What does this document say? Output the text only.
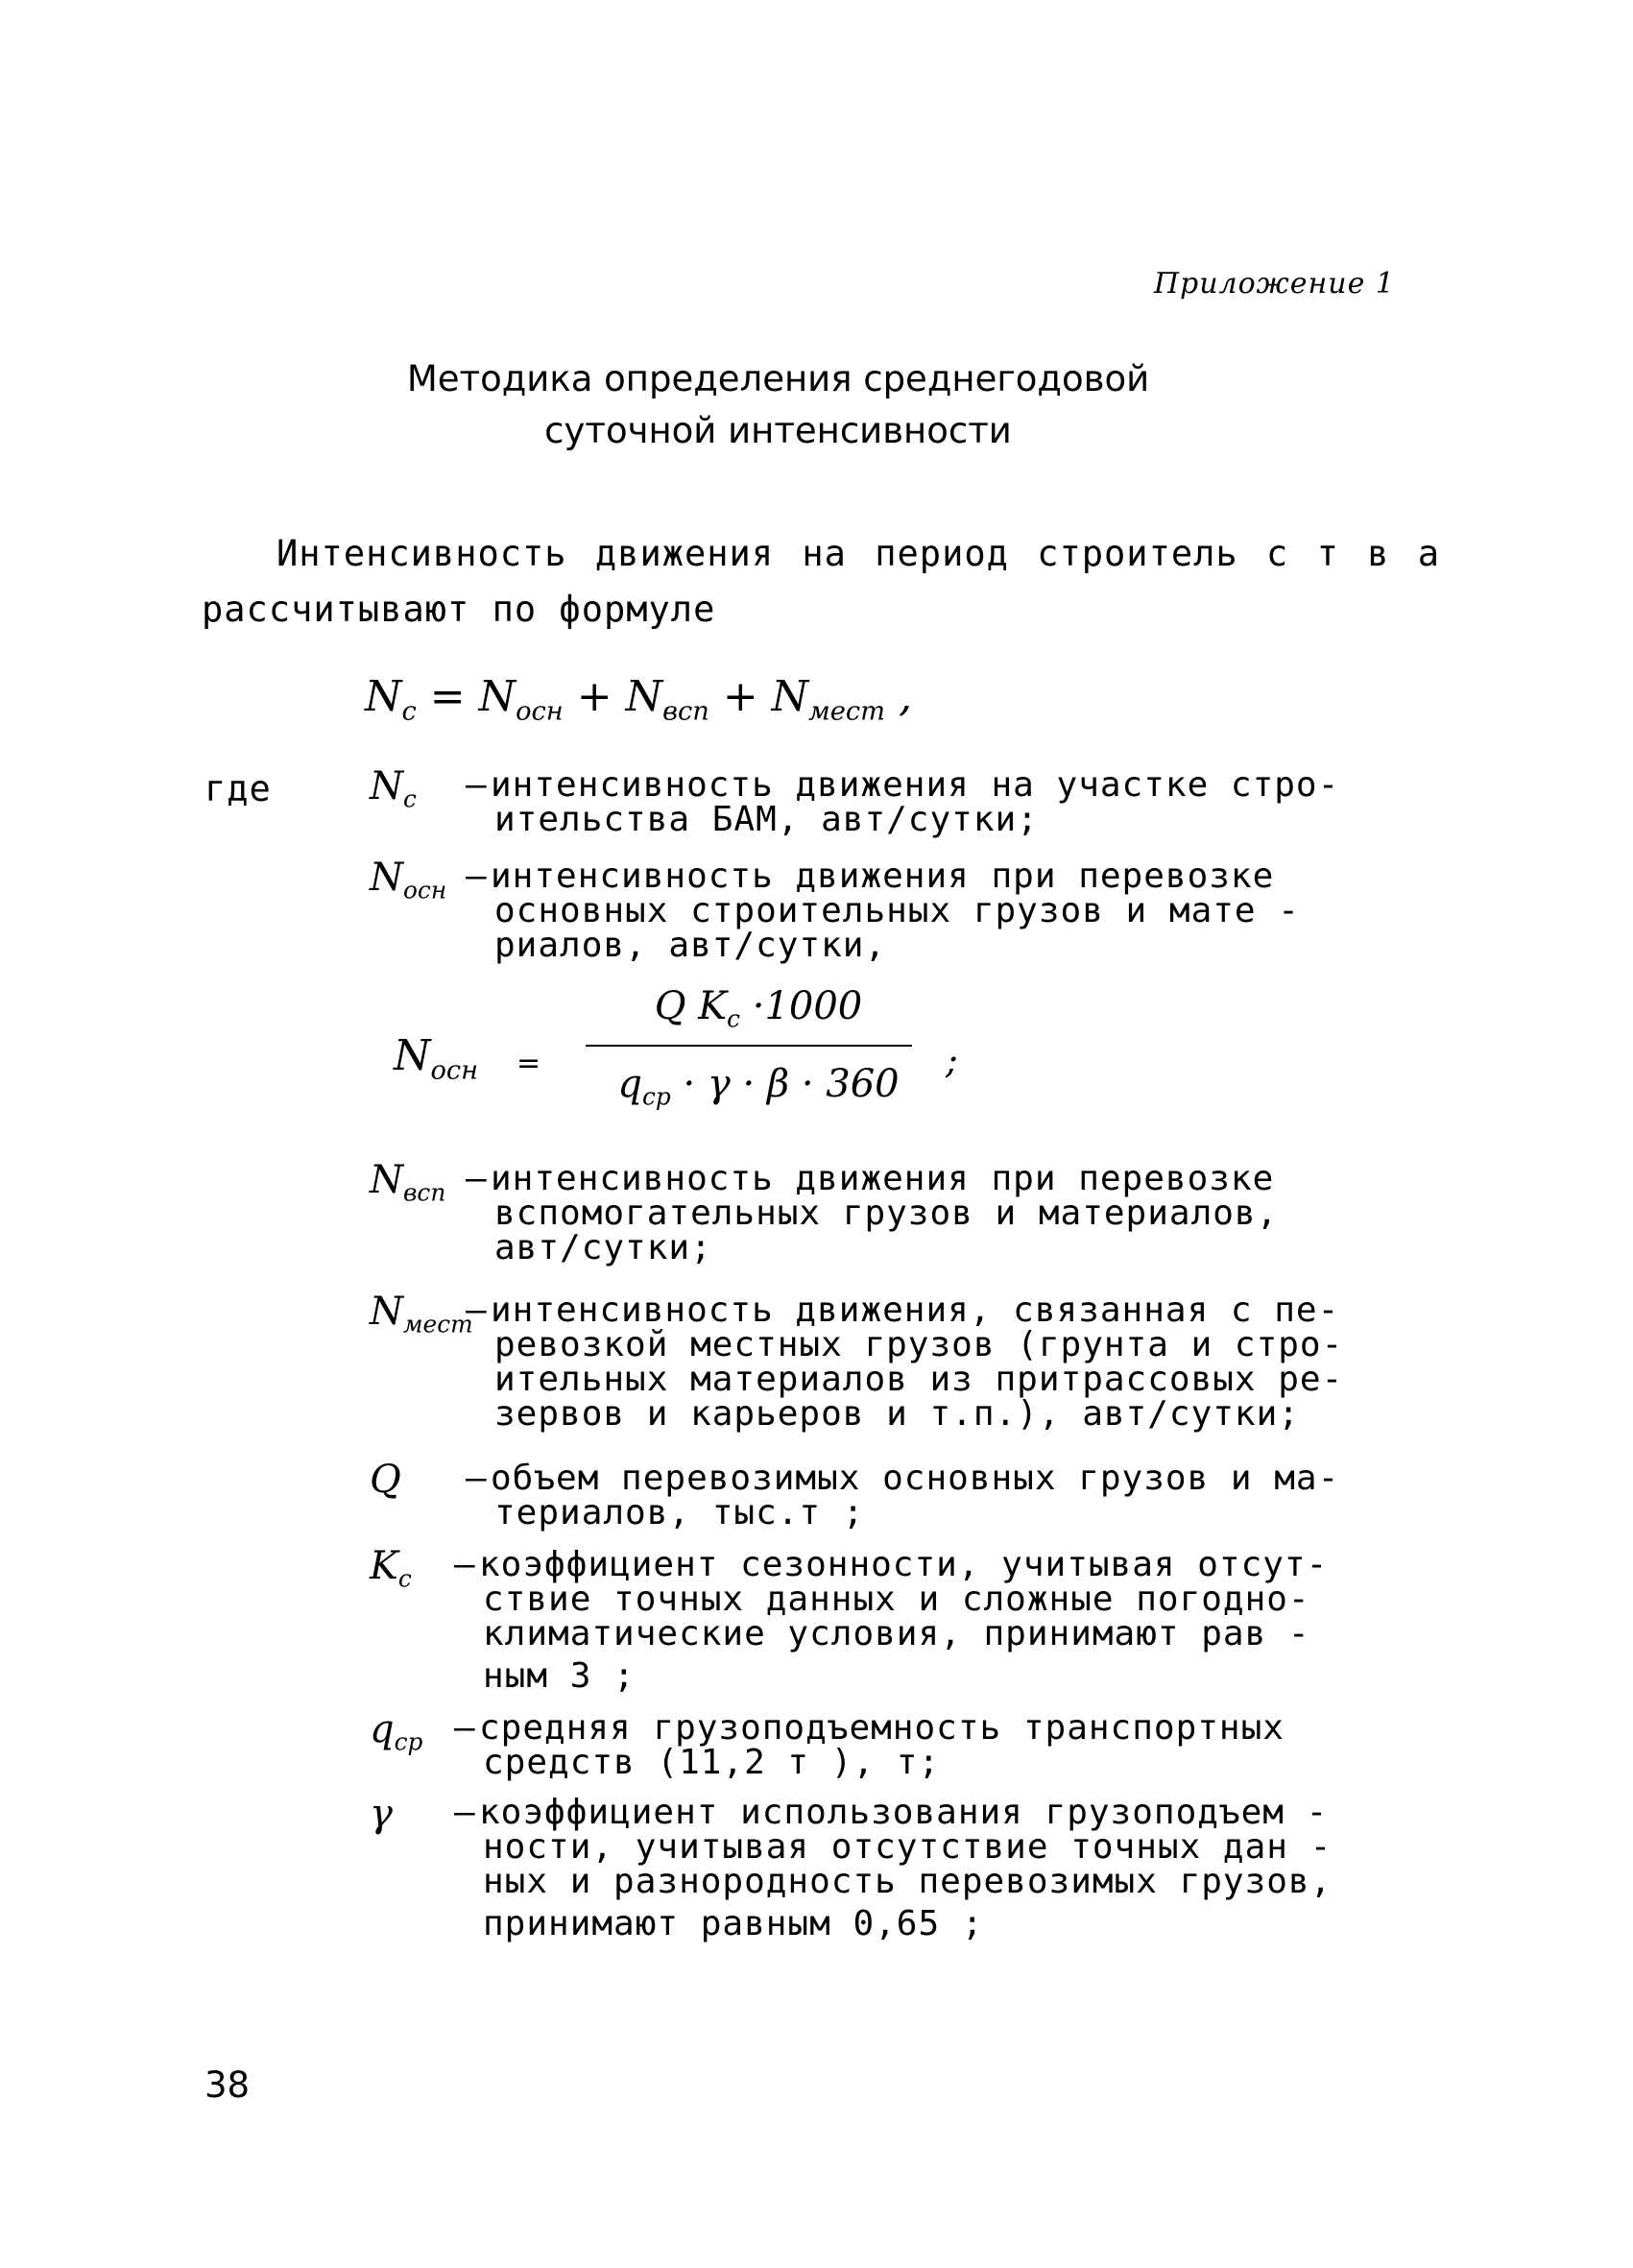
Приложение 1
Методика определения среднегодовой
суточной интенсивности
Интенсивность движения на период строитель с т в а
рассчитывают по формуле
$N_с = N_{осн} + N_{всп} + N_{мест}$ ,
где	$N_с$	–интенсивность движения на участке стро-
ительства БАМ, авт/сутки;
$N_{осн}$ –интенсивность движения при перевозке
основных строительных грузов и мате -
риалов, авт/сутки,
$N_{осн}$ =
Q $K_с \cdot 1000$
$q_{ср} \cdot \gamma \cdot \beta \cdot 360$
;
$N_{всп}$ –интенсивность движения при перевозке
вспомогательных грузов и материалов,
авт/сутки;
$N_{мест}$
–интенсивность движения, связанная с пе-
ревозкой местных грузов (грунта и стро-
ительных материалов из притрассовых ре-
зервов и карьеров и т.п.), авт/сутки;
Q	–объем перевозимых основных грузов и ма-
териалов, тыс.т ;
$K_с$	–коэффициент сезонности, учитывая отсут-
ствие точных данных и сложные погодно-
климатические условия, принимают рав -
ным 3 ;
$q_{ср}$ –средняя грузоподъемность транспортных
средств (11,2 т ), т;
γ	–коэффициент использования грузоподъем -
ности, учитывая отсутствие точных дан -
ных и разнородность перевозимых грузов,
принимают равным 0,65 ;
38
